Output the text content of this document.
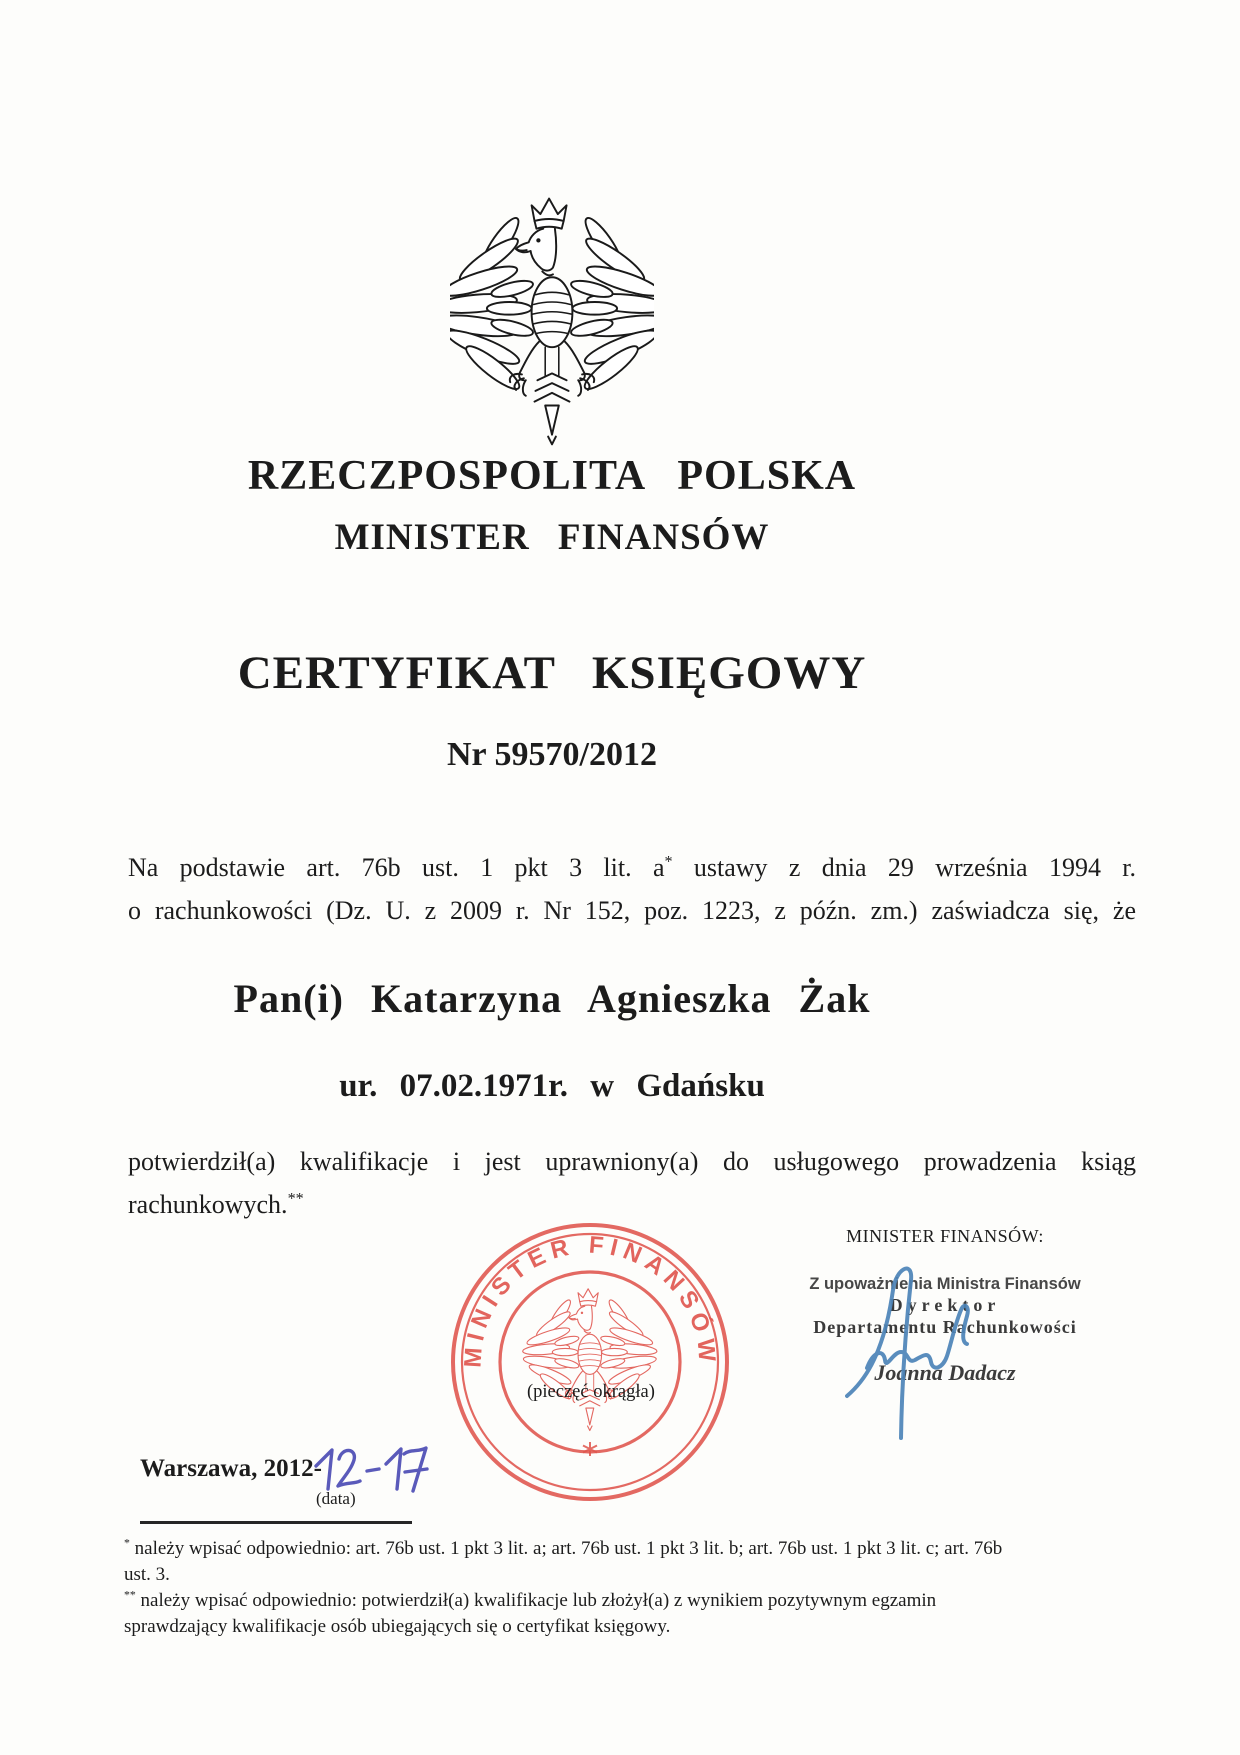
RZECZPOSPOLITA POLSKA
MINISTER FINANSÓW
CERTYFIKAT KSIĘGOWY
Nr 59570/2012
Na podstawie art. 76b ust. 1 pkt 3 lit. a* ustawy z dnia 29 września 1994 r.
o rachunkowości (Dz. U. z 2009 r. Nr 152, poz. 1223, z późn. zm.) zaświadcza się, że
Pan(i) Katarzyna Agnieszka Żak
ur. 07.02.1971r. w Gdańsku
potwierdził(a) kwalifikacje i jest uprawniony(a) do usługowego prowadzenia ksiąg
rachunkowych.**
MINISTER FINANSÓW
(pieczęć okrągła)

MINISTER FINANSÓW:

Z upoważnienia Ministra Finansów

Dyrektor

Departamentu Rachunkowości

Joanna Dadacz

Warszawa, 2012-
(data)

* należy wpisać odpowiednio: art. 76b ust. 1 pkt 3 lit. a; art. 76b ust. 1 pkt 3 lit. b; art. 76b ust. 1 pkt 3 lit. c; art. 76b
ust. 3.

** należy wpisać odpowiednio: potwierdził(a) kwalifikacje lub złożył(a) z wynikiem pozytywnym egzamin
sprawdzający kwalifikacje osób ubiegających się o certyfikat księgowy.
